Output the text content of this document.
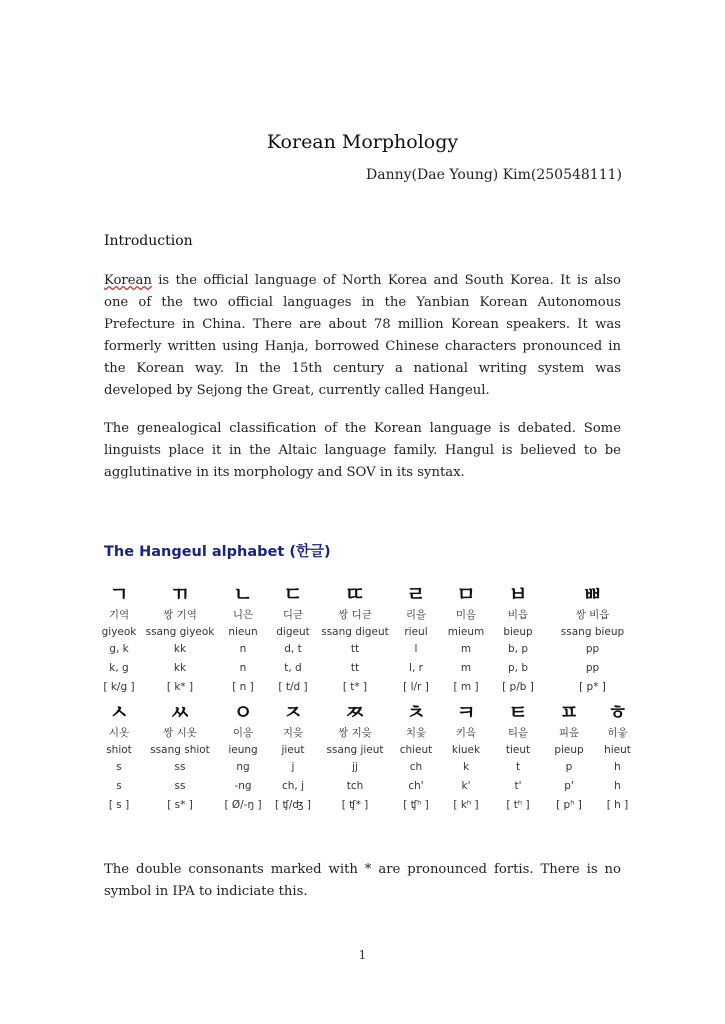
Korean Morphology
Danny(Dae Young) Kim(250548111)
Introduction

Korean is the official language of North Korea and South Korea. It is also one of the two official languages in the Yanbian Korean Autonomous Prefecture in China. There are about 78 million Korean speakers. It was formerly written using Hanja, borrowed Chinese characters pronounced in the Korean way. In the 15th century a national writing system was developed by Sejong the Great, currently called Hangeul.

The genealogical classification of the Korean language is debated. Some linguists place it in the Altaic language family. Hangul is believed to be agglutinative in its morphology and SOV in its syntax.

The Hangeul alphabet (한글)
ㄱ	ㄲ	ㄴ	ㄷ	ㄸ	ㄹ	ㅁ	ㅂ	ㅃ
기역	쌍 기역	니은	디귿	쌍 디귿	리을	미음	비읍	쌍 비읍
giyeok	ssang giyeok	nieun	digeut	ssang digeut	rieul	mieum	bieup	ssang bieup
g, k	kk	n	d, t	tt	l	m	b, p	pp
k, g	kk	n	t, d	tt	l, r	m	p, b	pp
[ k/g ]	[ k* ]	[ n ]	[ t/d ]	[ t* ]	[ l/r ]	[ m ]	[ p/b ]	[ p* ]
ㅅ	ㅆ	ㅇ	ㅈ	ㅉ	ㅊ	ㅋ	ㅌ	ㅍ	ㅎ
시옷	쌍 시옷	이응	지읒	쌍 지읒	치읓	키읔	티읕	피읖	히읗
shiot	ssang shiot	ieung	jieut	ssang jieut	chieut	kiuek	tieut	pieup	hieut
s	ss	ng	j	jj	ch	k	t	p	h
s	ss	-ng	ch, j	tch	ch'	k'	t'	p'	h
[ s ]	[ s* ]	[ Ø/-ŋ ]	[ ʧ/ʤ ]	[ ʧ* ]	[ ʧʰ ]	[ kʰ ]	[ tʰ ]	[ pʰ ]	[ h ]

The double consonants marked with * are pronounced fortis. There is no symbol in IPA to indiciate this.

1
